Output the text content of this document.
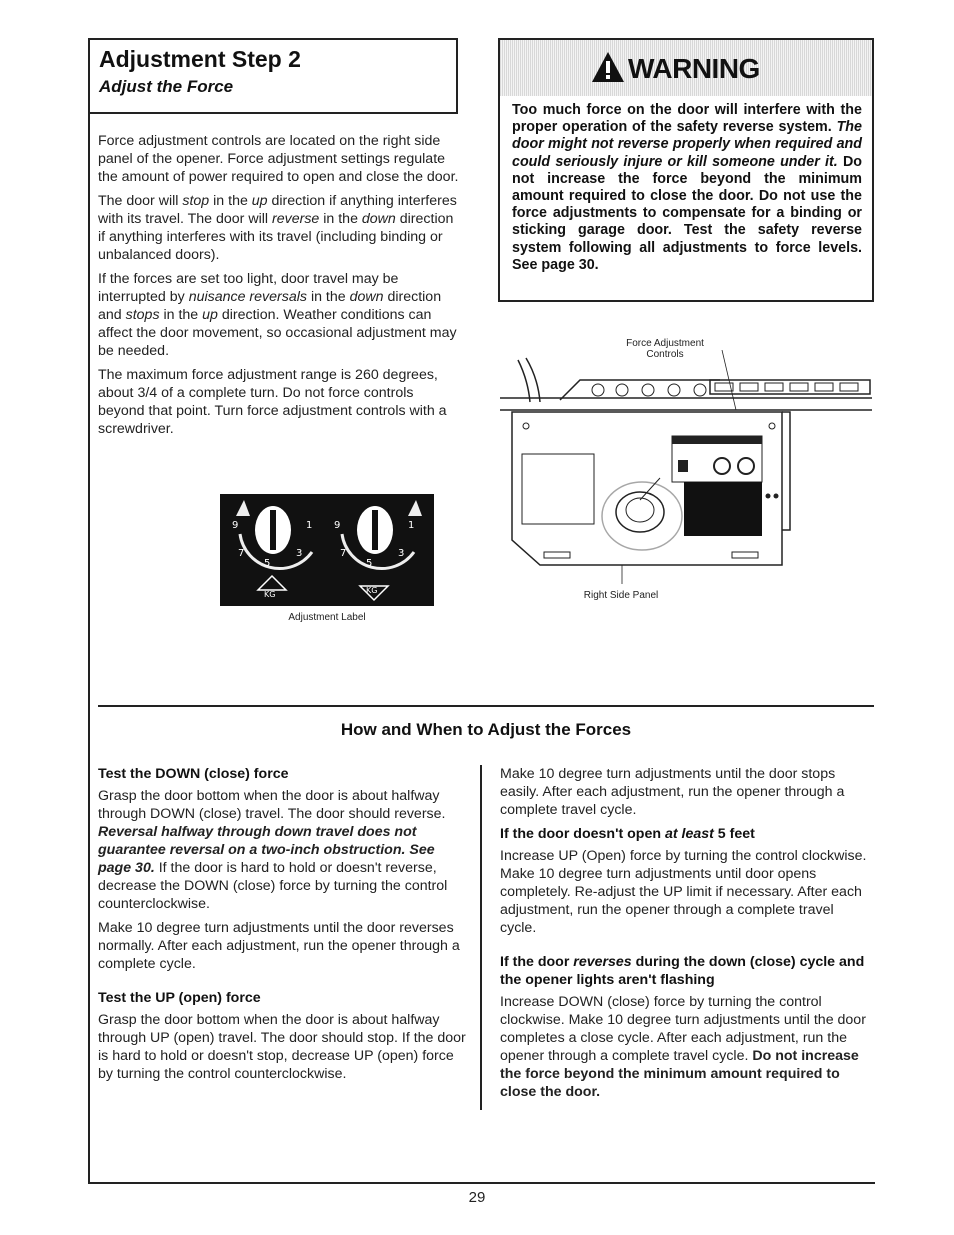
Adjustment Step 2
Adjust the Force

Force adjustment controls are located on the right side panel of the opener. Force adjustment settings regulate the amount of power required to open and close the door.

The door will stop in the up direction if anything interferes with its travel. The door will reverse in the down direction if anything interferes with its travel (including binding or unbalanced doors).

If the forces are set too light, door travel may be interrupted by nuisance reversals in the down direction and stops in the up direction. Weather conditions can affect the door movement, so occasional adjustment may be needed.

The maximum force adjustment range is 260 degrees, about 3/4 of a complete turn. Do not force controls beyond that point. Turn force adjustment controls with a screwdriver.

WARNING
Too much force on the door will interfere with the proper operation of the safety reverse system. The door might not reverse properly when required and could seriously injure or kill someone under it. Do not increase the force beyond the minimum amount required to close the door. Do not use the force adjustments to compensate for a binding or sticking garage door. Test the safety reverse system following all adjustments to force levels. See page 30.
9
7
5
3
1 9
7
5
3
1
KG	KG
Adjustment Label
Force Adjustment Controls
Right Side Panel
How and When to Adjust the Forces
Test the DOWN (close) force

Grasp the door bottom when the door is about halfway through DOWN (close) travel. The door should reverse. Reversal halfway through down travel does not guarantee reversal on a two-inch obstruction. See page 30. If the door is hard to hold or doesn't reverse, decrease the DOWN (close) force by turning the control counterclockwise.

Make 10 degree turn adjustments until the door reverses normally. After each adjustment, run the opener through a complete cycle.

Test the UP (open) force

Grasp the door bottom when the door is about halfway through UP (open) travel. The door should stop. If the door is hard to hold or doesn't stop, decrease UP (open) force by turning the control counterclockwise.

Make 10 degree turn adjustments until the door stops easily. After each adjustment, run the opener through a complete travel cycle.

If the door doesn't open at least 5 feet

Increase UP (Open) force by turning the control clockwise. Make 10 degree turn adjustments until door opens completely. Re-adjust the UP limit if necessary. After each adjustment, run the opener through a complete travel cycle.

If the door reverses during the down (close) cycle and the opener lights aren't flashing

Increase DOWN (close) force by turning the control clockwise. Make 10 degree turn adjustments until the door completes a close cycle. After each adjustment, run the opener through a complete travel cycle. Do not increase the force beyond the minimum amount required to close the door.

29
